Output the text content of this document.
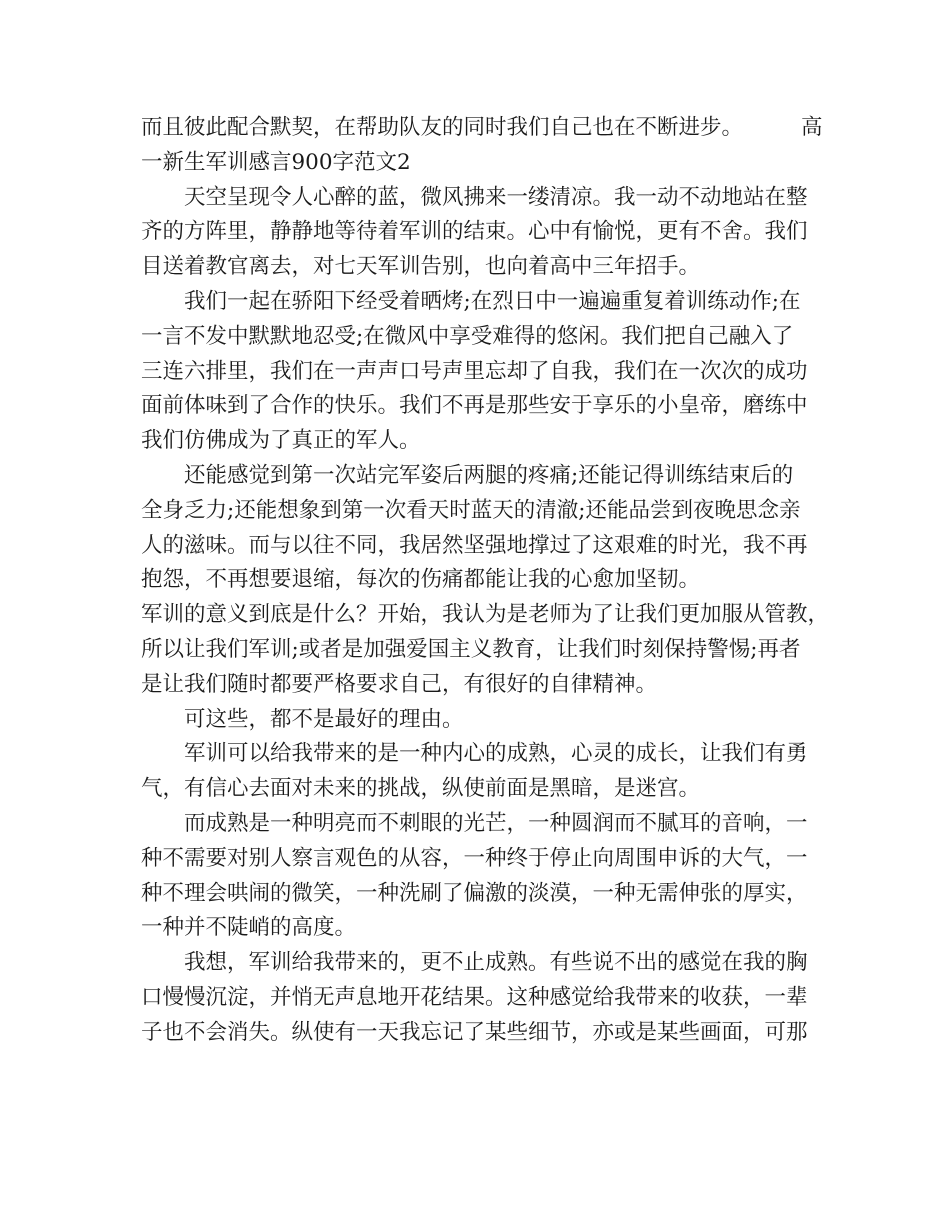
而且彼此配合默契，在帮助队友的同时我们自己也在不断进步。	高
一新生军训感言900字范文2
天空呈现令人心醉的蓝，微风拂来一缕清凉。我一动不动地站在整
齐的方阵里，静静地等待着军训的结束。心中有愉悦，更有不舍。我们
目送着教官离去，对七天军训告别，也向着高中三年招手。
我们一起在骄阳下经受着晒烤;在烈日中一遍遍重复着训练动作;在
一言不发中默默地忍受;在微风中享受难得的悠闲。我们把自己融入了
三连六排里，我们在一声声口号声里忘却了自我，我们在一次次的成功
面前体味到了合作的快乐。我们不再是那些安于享乐的小皇帝，磨练中
我们仿佛成为了真正的军人。
还能感觉到第一次站完军姿后两腿的疼痛;还能记得训练结束后的
全身乏力;还能想象到第一次看天时蓝天的清澈;还能品尝到夜晚思念亲
人的滋味。而与以往不同，我居然坚强地撑过了这艰难的时光，我不再
抱怨，不再想要退缩，每次的伤痛都能让我的心愈加坚韧。
军训的意义到底是什么？开始，我认为是老师为了让我们更加服从管教，
所以让我们军训;或者是加强爱国主义教育，让我们时刻保持警惕;再者
是让我们随时都要严格要求自己，有很好的自律精神。
可这些，都不是最好的理由。
军训可以给我带来的是一种内心的成熟，心灵的成长，让我们有勇
气，有信心去面对未来的挑战，纵使前面是黑暗，是迷宫。
而成熟是一种明亮而不刺眼的光芒，一种圆润而不腻耳的音响，一
种不需要对别人察言观色的从容，一种终于停止向周围申诉的大气，一
种不理会哄闹的微笑，一种洗刷了偏激的淡漠，一种无需伸张的厚实，
一种并不陡峭的高度。
我想，军训给我带来的，更不止成熟。有些说不出的感觉在我的胸
口慢慢沉淀，并悄无声息地开花结果。这种感觉给我带来的收获，一辈
子也不会消失。纵使有一天我忘记了某些细节，亦或是某些画面，可那
